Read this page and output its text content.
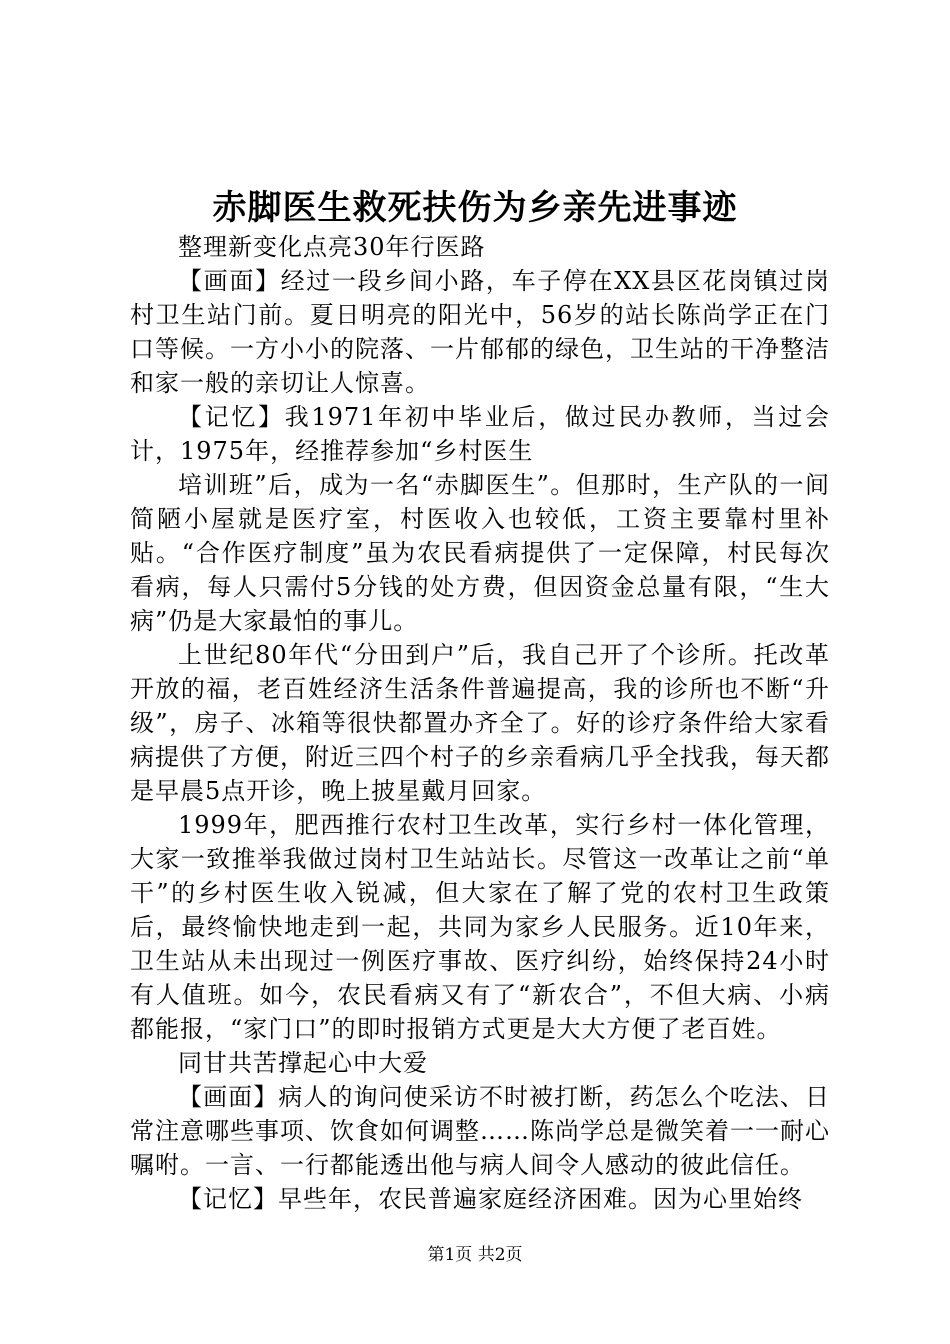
赤脚医生救死扶伤为乡亲先进事迹

整理新变化点亮30年行医路

【画面】经过一段乡间小路，车子停在XX县区花岗镇过岗村卫生站门前。夏日明亮的阳光中，56岁的站长陈尚学正在门口等候。一方小小的院落、一片郁郁的绿色，卫生站的干净整洁和家一般的亲切让人惊喜。

【记忆】我1971年初中毕业后，做过民办教师，当过会计，1975年，经推荐参加“乡村医生

培训班”后，成为一名“赤脚医生”。但那时，生产队的一间简陋小屋就是医疗室，村医收入也较低，工资主要靠村里补贴。“合作医疗制度”虽为农民看病提供了一定保障，村民每次看病，每人只需付5分钱的处方费，但因资金总量有限，“生大病”仍是大家最怕的事儿。

上世纪80年代“分田到户”后，我自己开了个诊所。托改革开放的福，老百姓经济生活条件普遍提高，我的诊所也不断“升级”，房子、冰箱等很快都置办齐全了。好的诊疗条件给大家看病提供了方便，附近三四个村子的乡亲看病几乎全找我，每天都是早晨5点开诊，晚上披星戴月回家。

1999年，肥西推行农村卫生改革，实行乡村一体化管理，大家一致推举我做过岗村卫生站站长。尽管这一改革让之前“单干”的乡村医生收入锐减，但大家在了解了党的农村卫生政策后，最终愉快地走到一起，共同为家乡人民服务。近10年来，卫生站从未出现过一例医疗事故、医疗纠纷，始终保持24小时有人值班。如今，农民看病又有了“新农合”，不但大病、小病都能报，“家门口”的即时报销方式更是大大方便了老百姓。

同甘共苦撑起心中大爱

【画面】病人的询问使采访不时被打断，药怎么个吃法、日常注意哪些事项、饮食如何调整……陈尚学总是微笑着一一耐心嘱咐。一言、一行都能透出他与病人间令人感动的彼此信任。

【记忆】早些年，农民普遍家庭经济困难。因为心里始终

第1页 共2页
